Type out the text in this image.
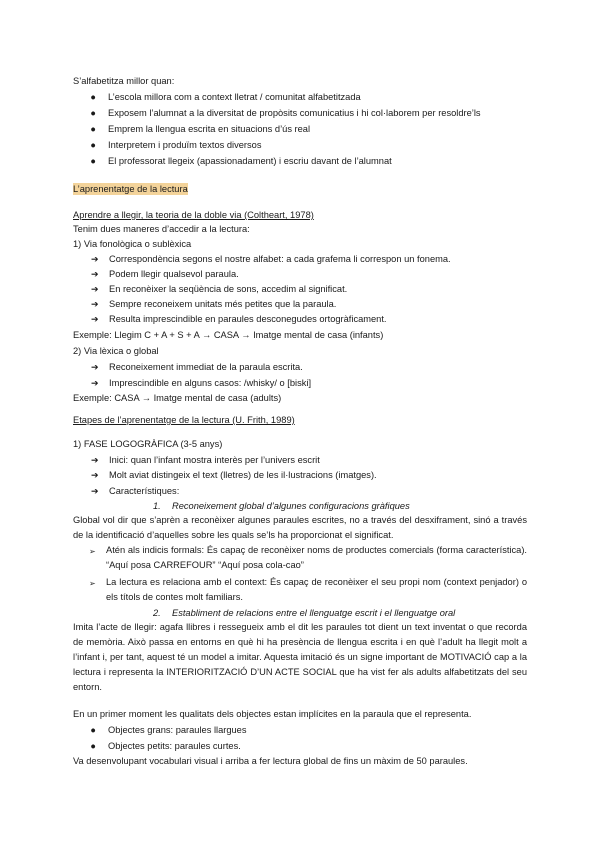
S’alfabetitza millor quan:
● L’escola millora com a context lletrat / comunitat alfabetitzada
● Exposem l’alumnat a la diversitat de propòsits comunicatius i hi col·laborem per resoldre’ls
● Emprem la llengua escrita en situacions d’ús real
● Interpretem i produïm textos diversos
● El professorat llegeix (apassionadament) i escriu davant de l’alumnat
L’aprenentatge de la lectura
Aprendre a llegir, la teoria de la doble via (Coltheart, 1978)
Tenim dues maneres d’accedir a la lectura:
1) Via fonològica o sublèxica
➔ Correspondència segons el nostre alfabet: a cada grafema li correspon un fonema.
➔ Podem llegir qualsevol paraula.
➔ En reconèixer la seqüència de sons, accedim al significat.
➔ Sempre reconeixem unitats més petites que la paraula.
➔ Resulta imprescindible en paraules desconegudes ortogràficament.
Exemple: Llegim C + A + S + A → CASA → Imatge mental de casa (infants)
2) Via lèxica o global
➔ Reconeixement immediat de la paraula escrita.
➔ Imprescindible en alguns casos: /whisky/ o [biski]
Exemple: CASA → Imatge mental de casa (adults)
Etapes de l’aprenentatge de la lectura (U. Frith, 1989)
1) FASE LOGOGRÀFICA (3-5 anys)
➔ Inici: quan l’infant mostra interès per l’univers escrit
➔ Molt aviat distingeix el text (lletres) de les il·lustracions (imatges).
➔ Característiques:
1. Reconeixement global d’algunes configuracions gràfiques
Global vol dir que s’aprèn a reconèixer algunes paraules escrites, no a través del desxiframent, sinó a través de la identificació d’aquelles sobre les quals se’ls ha proporcionat el significat.
➢	Atén als indicis formals: És capaç de reconèixer noms de productes comercials (forma característica). “Aquí posa CARREFOUR” “Aquí posa cola-cao”
➢	La lectura es relaciona amb el context: És capaç de reconèixer el seu propi nom (context penjador) o els títols de contes molt familiars.
2. Establiment de relacions entre el llenguatge escrit i el llenguatge oral
Imita l’acte de llegir: agafa llibres i ressegueix amb el dit les paraules tot dient un text inventat o que recorda de memòria. Això passa en entorns en què hi ha presència de llengua escrita i en què l’adult ha llegit molt a l’infant i, per tant, aquest té un model a imitar. Aquesta imitació és un signe important de MOTIVACIÓ cap a la lectura i representa la INTERIORITZACIÓ D’UN ACTE SOCIAL que ha vist fer als adults alfabetitzats del seu entorn.
En un primer moment les qualitats dels objectes estan implícites en la paraula que el representa.
● Objectes grans: paraules llargues
● Objectes petits: paraules curtes.
Va desenvolupant vocabulari visual i arriba a fer lectura global de fins un màxim de 50 paraules.
